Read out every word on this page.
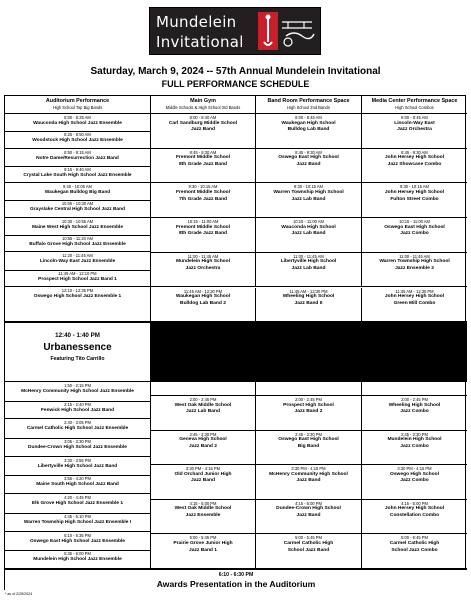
Mundelein
Invitational
Saturday, March 9, 2024 -- 57th Annual Mundelein Invitational
FULL PERFORMANCE SCHEDULE
Auditorium Performance
High School Top Big Bands
Main Gym
Middle Schools & High School 3rd Bands
Band Room Performance Space
High School 2nd Bands
Media Center Performance Space
High School Combos
12:40 - 1:40 PM
Urbanessence
Featuring Tito Carrillo
6:10 - 6:30 PM
Awards Presentation in the Auditorium
8:00 - 8:25 AM
Wauconda High School Jazz Ensemble
8:25 - 8:50 AM
Woodstock High School Jazz Ensemble
8:50 - 9:15 AM
Notre Dame/Resurrection Jazz Band
9:15 - 9:40 AM
Crystal Lake South High School Jazz Ensemble
9:40 - 10:05 AM
Waukegan Bulldog Big Band
10:05 - 10:30 AM
Grayslake Central High School Jazz Band
10:30 - 10:55 AM
Maine West High School Jazz Ensemble
10:55 - 11:20 AM
Buffalo Grove High School Jazz Ensemble
11:20 - 11:45 AM
Lincoln-Way East Jazz Ensemble
11:45 AM - 12:10 PM
Prospect High School Jazz Band 1
12:10 - 12:35 PM
Oswego High School Jazz Ensemble 1
1:50 - 2:15 PM
McHenry Community High School Jazz Ensemble
2:15 - 2:40 PM
Fenwick High School Jazz Band
2:40 - 3:05 PM
Carmel Catholic High School Jazz Ensemble
3:05 - 3:30 PM
Dundee-Crown High School Jazz Ensemble
3:30 - 3:55 PM
Libertyville High School Jazz Band
3:55 - 4:20 PM
Maine South High School Jazz Band
4:20 - 4:45 PM
Elk Grove High School Jazz Ensemble 1
4:45 - 5:10 PM
Warren Township High School Jazz Ensemble I
5:10 - 5:35 PM
Oswego East High School Jazz Ensemble
5:35 - 6:00 PM
Mundelein High School Jazz Ensemble
8:00 - 8:40 AM
Carl Sandburg Middle School
Jazz Band
8:45 - 9:30 AM
Fremont Middle School
8th Grade Jazz Band
9:30 - 10:15 AM
Fremont Middle School
7th Grade Jazz Band
10:15 - 11:00 AM
Fremont Middle School
8th Grade Jazz Band
11:00 - 11:45 AM
Mundelein High School
Jazz Orchestra
11:45 AM - 12:30 PM
Waukegan High School
Bulldog Lab Band 2
8:00 - 8:45 AM
Waukegan High School
Bulldog Lab Band
8:45 - 9:30 AM
Oswego East High School
Jazz Band
9:30 - 10:15 AM
Warren Township High School
Jazz Lab Band
10:15 - 11:00 AM
Wauconda High School
Jazz Lab Band
11:00 - 11:45 AM
Libertyville High School
Jazz Lab Band
11:45 AM - 12:30 PM
Wheeling High School
Jazz Band II
8:00 - 8:45 AM
Lincoln-Way East
Jazz Orchestra
8:45 - 9:30 AM
John Hersey High School
Jazz Showcase Combo
9:30 - 10:15 AM
John Hersey High School
Fulton Street Combo
10:15 - 11:00 AM
Oswego East High School
Jazz Combo
11:00 - 11:45 AM
Warren Township High School
Jazz Ensemble 2
11:45 AM - 12:30 PM
John Hersey High School
Green Mill Combo
2:00 - 2:45 PM
West Oak Middle School
Jazz Lab Band
2:45 - 3:30 PM
Geneva High School
Jazz Band 2
3:30 PM - 4:15 PM
Old Orchard Junior High
Jazz Band
4:15 - 5:00 PM
West Oak Middle School
Jazz Ensemble
5:00 - 5:45 PM
Prairie Grove Junior High
Jazz Band 1
2:00 - 2:45 PM
Prospect High School
Jazz Band 2
2:45 - 3:30 PM
Oswego East High School
Big Band
3:30 PM - 4:15 PM
McHenry Community High School
Jazz Band
4:15 - 5:00 PM
Dundee-Crown High School
Jazz Band
5:00 - 5:45 PM
Carmel Catholic High
School Jazz Band
2:00 - 2:45 PM
Wheeling High School
Jazz Combo
2:45 - 3:30 PM
Mundelein High School
Jazz Combo
3:30 PM - 4:15 PM
Oswego High School
Jazz Combo
4:15 - 5:00 PM
John Hersey High School
Constellation Combo
5:00 - 5:45 PM
Carmel Catholic High
School Jazz Combo
* as of 2/25/2024
